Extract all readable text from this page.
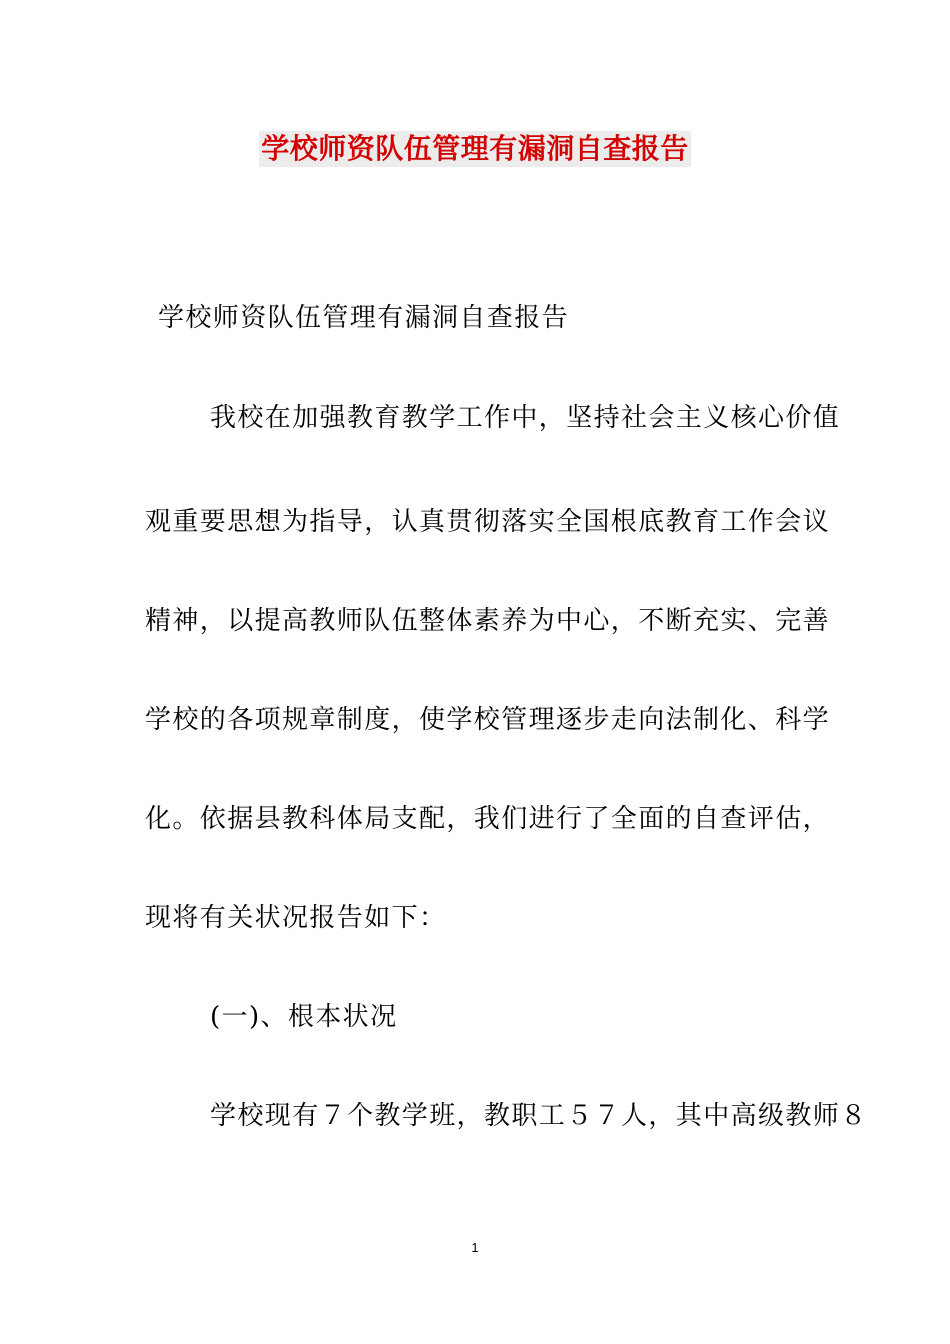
学校师资队伍管理有漏洞自查报告
学校师资队伍管理有漏洞自查报告
我校在加强教育教学工作中，坚持社会主义核心价值
观重要思想为指导，认真贯彻落实全国根底教育工作会议
精神，以提高教师队伍整体素养为中心，不断充实、完善
学校的各项规章制度，使学校管理逐步走向法制化、科学
化。依据县教科体局支配，我们进行了全面的自查评估，
现将有关状况报告如下：
(一)、根本状况
学校现有７个教学班，教职工５７人，其中高级教师８
1
